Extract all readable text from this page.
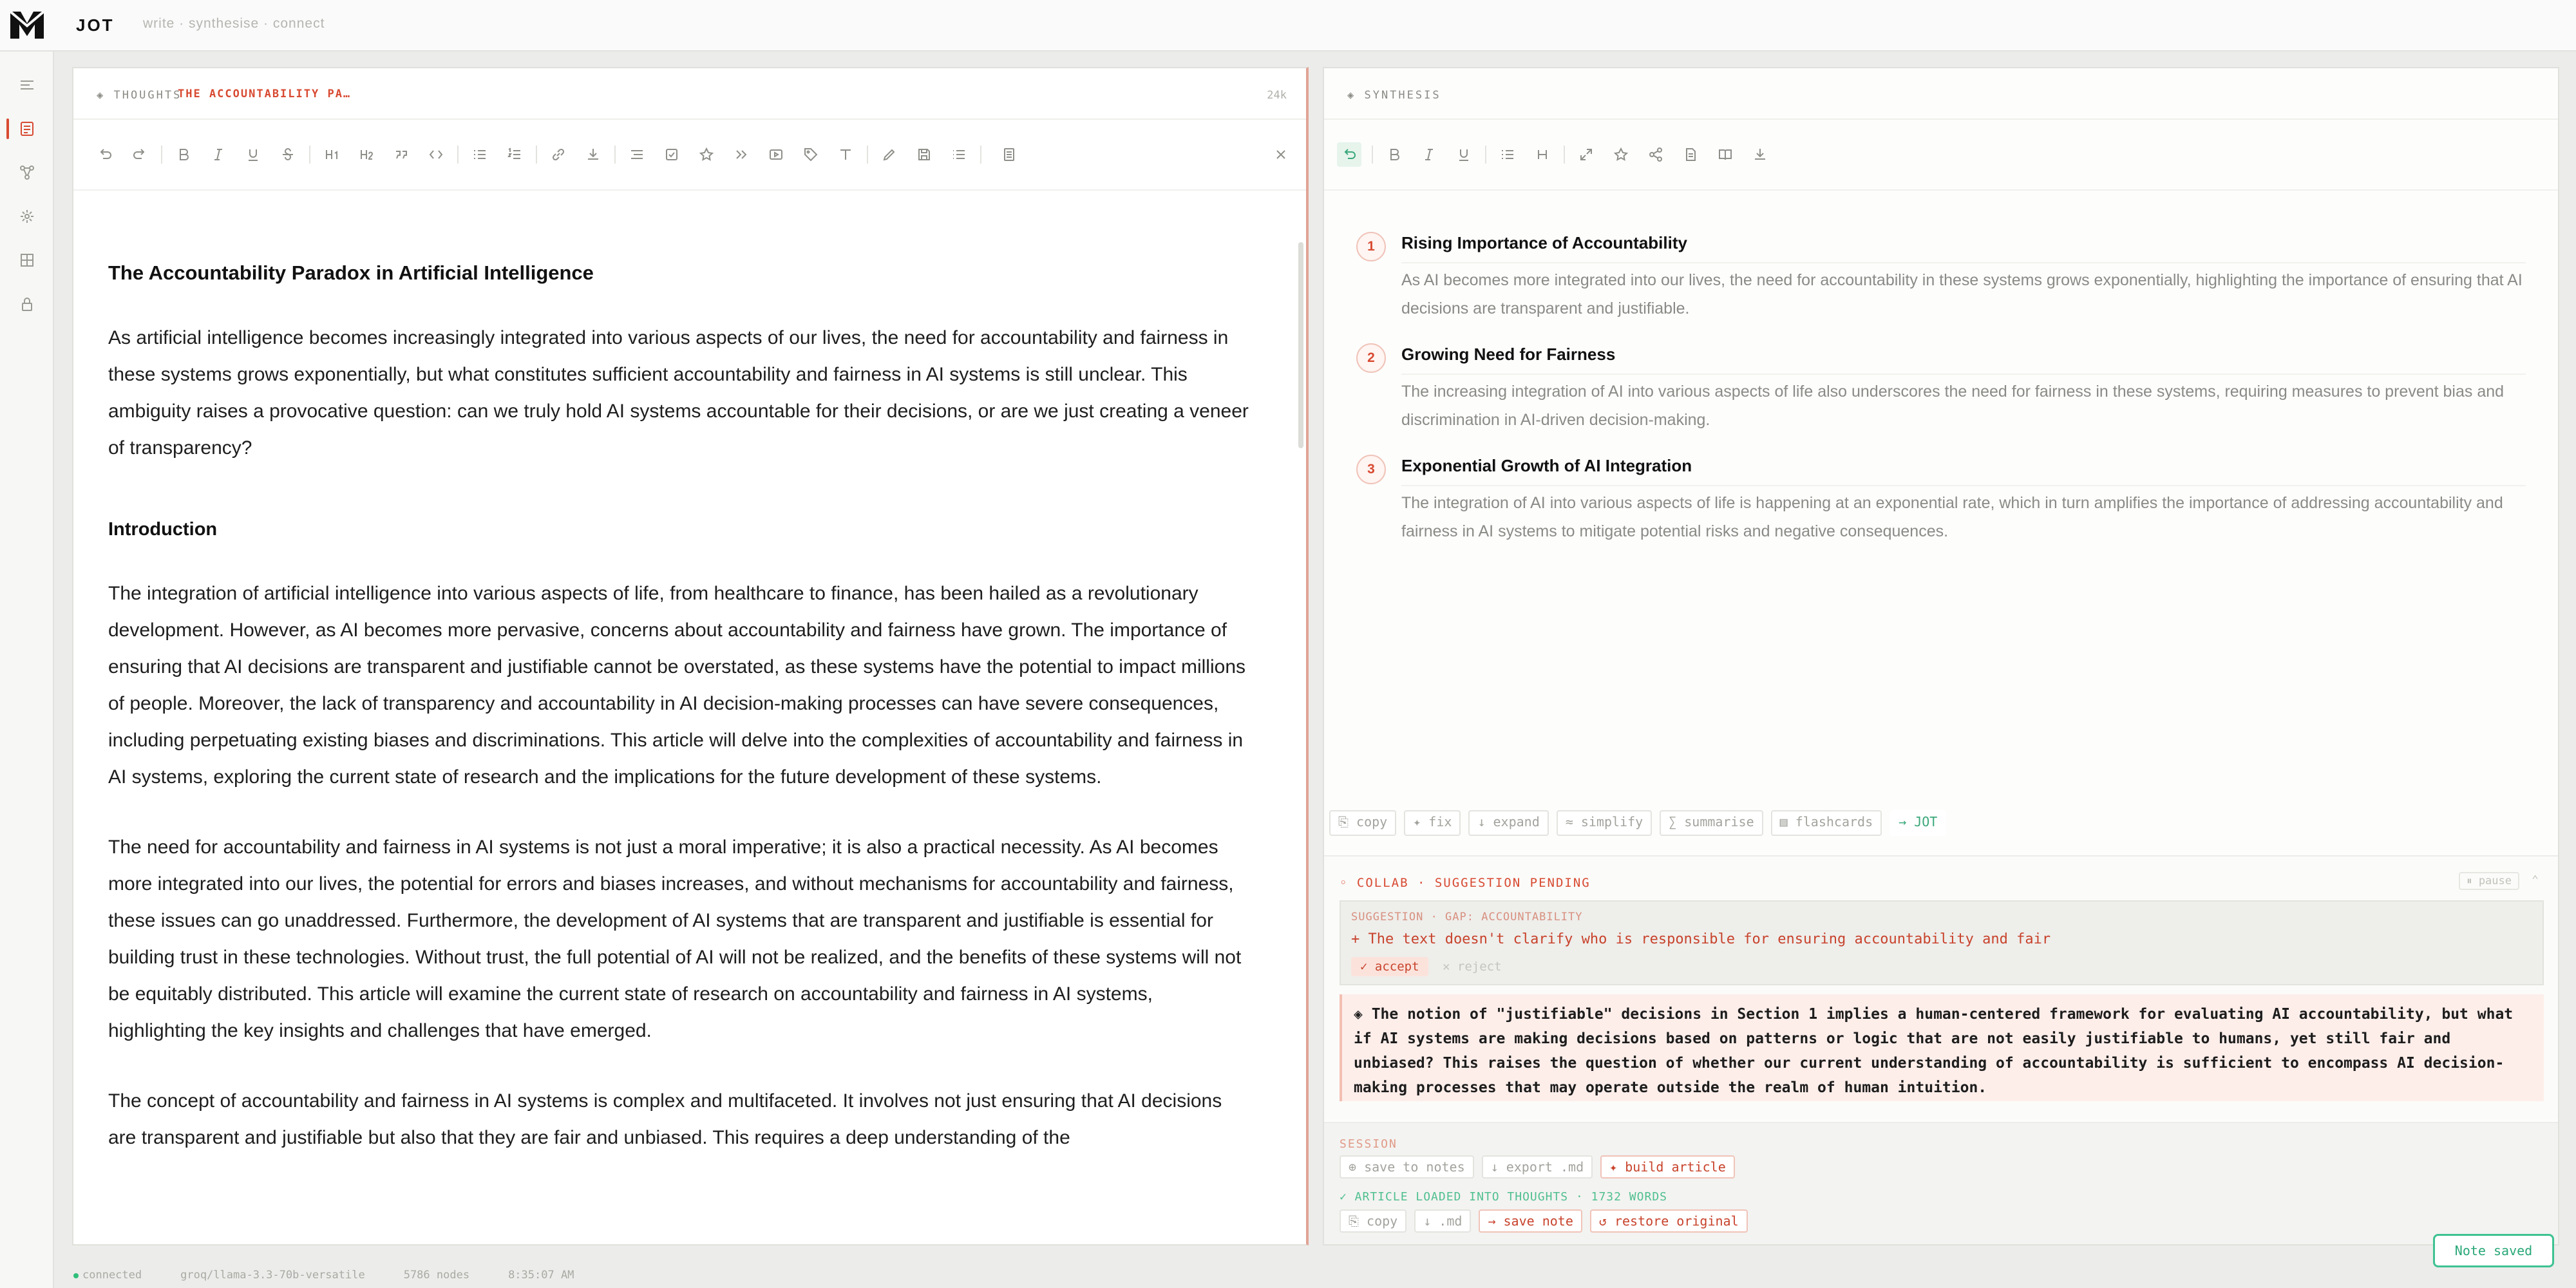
JOT write · synthesise · connect
◈ THOUGHTS
THE ACCOUNTABILITY PA…	24k
The Accountability Paradox in Artificial Intelligence

As artificial intelligence becomes increasingly integrated into various aspects of our lives, the need for accountability and fairness in these systems grows exponentially, but what constitutes sufficient accountability and fairness in AI systems is still unclear. This ambiguity raises a provocative question: can we truly hold AI systems accountable for their decisions, or are we just creating a veneer of transparency?

Introduction

The integration of artificial intelligence into various aspects of life, from healthcare to finance, has been hailed as a revolutionary development. However, as AI becomes more pervasive, concerns about accountability and fairness have grown. The importance of ensuring that AI decisions are transparent and justifiable cannot be overstated, as these systems have the potential to impact millions of people. Moreover, the lack of transparency and accountability in AI decision-making processes can have severe consequences, including perpetuating existing biases and discriminations. This article will delve into the complexities of accountability and fairness in AI systems, exploring the current state of research and the implications for the future development of these systems.

The need for accountability and fairness in AI systems is not just a moral imperative; it is also a practical necessity. As AI becomes more integrated into our lives, the potential for errors and biases increases, and without mechanisms for accountability and fairness, these issues can go unaddressed. Furthermore, the development of AI systems that are transparent and justifiable is essential for building trust in these technologies. Without trust, the full potential of AI will not be realized, and the benefits of these systems will not be equitably distributed. This article will examine the current state of research on accountability and fairness in AI systems, highlighting the key insights and challenges that have emerged.

The concept of accountability and fairness in AI systems is complex and multifaceted. It involves not just ensuring that AI decisions are transparent and justifiable but also that they are fair and unbiased. This requires a deep understanding of the

◈ SYNTHESIS
1	Rising Importance of Accountability
As AI becomes more integrated into our lives, the need for accountability in these systems grows exponentially, highlighting the importance of ensuring that AI decisions are transparent and justifiable.
2	Growing Need for Fairness
The increasing integration of AI into various aspects of life also underscores the need for fairness in these systems, requiring measures to prevent bias and discrimination in AI-driven decision-making.
3	Exponential Growth of AI Integration
The integration of AI into various aspects of life is happening at an exponential rate, which in turn amplifies the importance of addressing accountability and fairness in AI systems to mitigate potential risks and negative consequences.
⎘ copy	✦ fix	↓ expand	≈ simplify	∑ summarise	▤ flashcards	→ JOT
◦ COLLAB · SUGGESTION PENDING	⏸ pause	⌃
SUGGESTION · GAP: ACCOUNTABILITY
+ The text doesn't clarify who is responsible for ensuring accountability and fair
✓ accept	✕ reject
◈ The notion of "justifiable" decisions in Section 1 implies a human-centered framework for evaluating AI accountability, but what if AI systems are making decisions based on patterns or logic that are not easily justifiable to humans, yet still fair and unbiased? This raises the question of whether our current understanding of accountability is sufficient to encompass AI decision-making processes that may operate outside the realm of human intuition.
SESSION
⊕ save to notes	↓ export .md	✦ build article
✓ ARTICLE LOADED INTO THOUGHTS · 1732 WORDS
⎘ copy	↓ .md	→ save note	↺ restore original
connected	groq/llama-3.3-70b-versatile	5786 nodes	8:35:07 AM
Note saved
